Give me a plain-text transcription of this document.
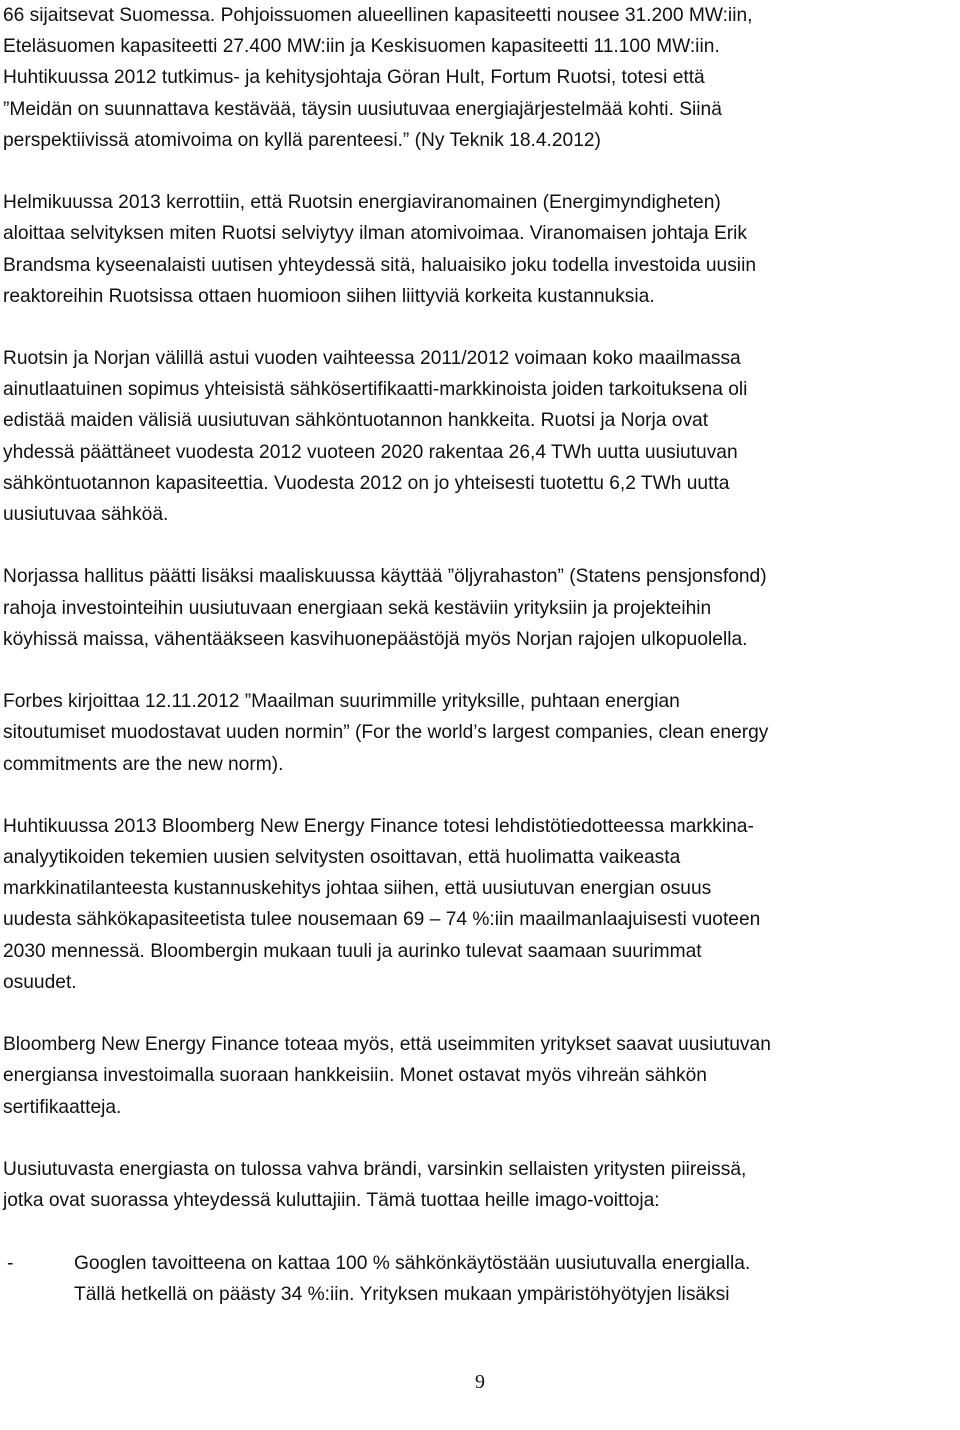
66 sijaitsevat Suomessa. Pohjoissuomen alueellinen kapasiteetti nousee 31.200 MW:iin,
Eteläsuomen kapasiteetti 27.400 MW:iin ja Keskisuomen kapasiteetti 11.100 MW:iin.
Huhtikuussa 2012 tutkimus- ja kehitysjohtaja Göran Hult, Fortum Ruotsi, totesi että
”Meidän on suunnattava kestävää, täysin uusiutuvaa energiajärjestelmää kohti. Siinä
perspektiivissä atomivoima on kyllä parenteesi.” (Ny Teknik 18.4.2012)
Helmikuussa 2013 kerrottiin, että Ruotsin energiaviranomainen (Energimyndigheten)
aloittaa selvityksen miten Ruotsi selviytyy ilman atomivoimaa. Viranomaisen johtaja Erik
Brandsma kyseenalaisti uutisen yhteydessä sitä, haluaisiko joku todella investoida uusiin
reaktoreihin Ruotsissa ottaen huomioon siihen liittyviä korkeita kustannuksia.
Ruotsin ja Norjan välillä astui vuoden vaihteessa 2011/2012 voimaan koko maailmassa
ainutlaatuinen sopimus yhteisistä sähkösertifikaatti-markkinoista joiden tarkoituksena oli
edistää maiden välisiä uusiutuvan sähköntuotannon hankkeita. Ruotsi ja Norja ovat
yhdessä päättäneet vuodesta 2012 vuoteen 2020 rakentaa 26,4 TWh uutta uusiutuvan
sähköntuotannon kapasiteettia. Vuodesta 2012 on jo yhteisesti tuotettu 6,2 TWh uutta
uusiutuvaa sähköä.
Norjassa hallitus päätti lisäksi maaliskuussa käyttää ”öljyrahaston” (Statens pensjonsfond)
rahoja investointeihin uusiutuvaan energiaan sekä kestäviin yrityksiin ja projekteihin
köyhissä maissa, vähentääkseen kasvihuonepäästöjä myös Norjan rajojen ulkopuolella.
Forbes kirjoittaa 12.11.2012 ”Maailman suurimmille yrityksille, puhtaan energian
sitoutumiset muodostavat uuden normin” (For the world’s largest companies, clean energy
commitments are the new norm).
Huhtikuussa 2013 Bloomberg New Energy Finance totesi lehdistötiedotteessa markkina-
analyytikoiden tekemien uusien selvitysten osoittavan, että huolimatta vaikeasta
markkinatilanteesta kustannuskehitys johtaa siihen, että uusiutuvan energian osuus
uudesta sähkökapasiteetista tulee nousemaan 69 – 74 %:iin maailmanlaajuisesti vuoteen
2030 mennessä. Bloombergin mukaan tuuli ja aurinko tulevat saamaan suurimmat
osuudet.
Bloomberg New Energy Finance toteaa myös, että useimmiten yritykset saavat uusiutuvan
energiansa investoimalla suoraan hankkeisiin. Monet ostavat myös vihreän sähkön
sertifikaatteja.
Uusiutuvasta energiasta on tulossa vahva brändi, varsinkin sellaisten yritysten piireissä,
jotka ovat suorassa yhteydessä kuluttajiin. Tämä tuottaa heille imago-voittoja:
-	Googlen tavoitteena on kattaa 100 % sähkönkäytöstään uusiutuvalla energialla.
Tällä hetkellä on päästy 34 %:iin. Yrityksen mukaan ympäristöhyötyjen lisäksi
9
